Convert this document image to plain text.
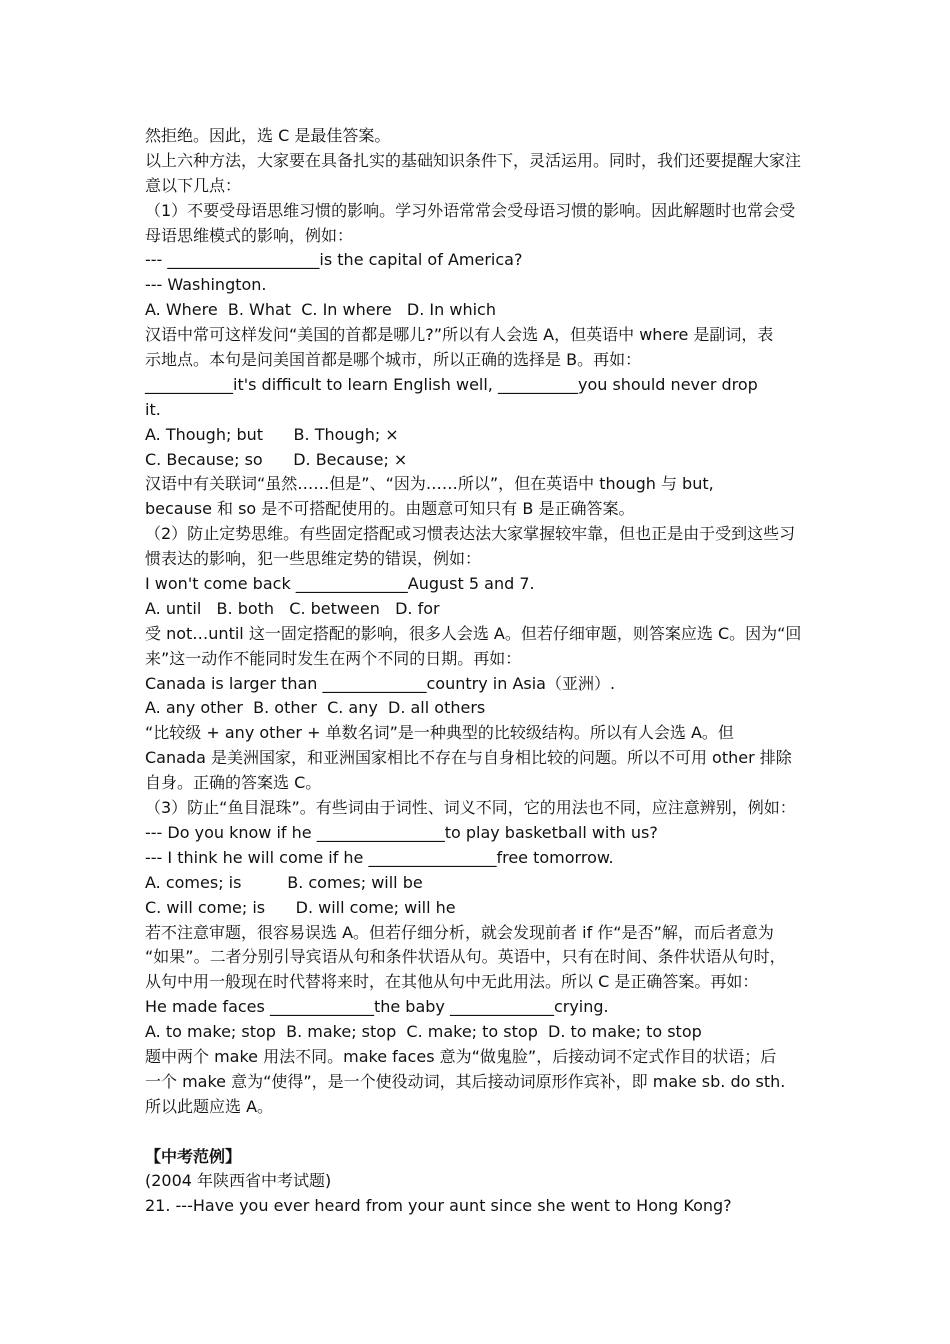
然拒绝。因此，选 C 是最佳答案。
以上六种方法，大家要在具备扎实的基础知识条件下，灵活运用。同时，我们还要提醒大家注
意以下几点：
（1）不要受母语思维习惯的影响。学习外语常常会受母语习惯的影响。因此解题时也常会受
母语思维模式的影响，例如：
--- ___________________is the capital of America?
--- Washington.
A. Where  B. What  C. In where   D. In which
汉语中常可这样发问“美国的首都是哪儿?”所以有人会选 A，但英语中 where 是副词，表
示地点。本句是问美国首都是哪个城市，所以正确的选择是 B。再如：
___________it's difficult to learn English well, __________you should never drop
it.
A. Though; but      B. Though; ×
C. Because; so      D. Because; ×
汉语中有关联词“虽然……但是”、“因为……所以”，但在英语中 though 与 but,
because 和 so 是不可搭配使用的。由题意可知只有 B 是正确答案。
（2）防止定势思维。有些固定搭配或习惯表达法大家掌握较牢靠，但也正是由于受到这些习
惯表达的影响，犯一些思维定势的错误，例如：
I won't come back ______________August 5 and 7.
A. until   B. both   C. between   D. for
受 not…until 这一固定搭配的影响，很多人会选 A。但若仔细审题，则答案应选 C。因为“回
来”这一动作不能同时发生在两个不同的日期。再如：
Canada is larger than _____________country in Asia（亚洲）.
A. any other  B. other  C. any  D. all others
“比较级 + any other + 单数名词”是一种典型的比较级结构。所以有人会选 A。但
Canada 是美洲国家，和亚洲国家相比不存在与自身相比较的问题。所以不可用 other 排除
自身。正确的答案选 C。
（3）防止“鱼目混珠”。有些词由于词性、词义不同，它的用法也不同，应注意辨别，例如：
--- Do you know if he ________________to play basketball with us?
--- I think he will come if he ________________free tomorrow.
A. comes; is         B. comes; will be
C. will come; is      D. will come; will he
若不注意审题，很容易误选 A。但若仔细分析，就会发现前者 if 作“是否”解，而后者意为
“如果”。二者分别引导宾语从句和条件状语从句。英语中，只有在时间、条件状语从句时，
从句中用一般现在时代替将来时，在其他从句中无此用法。所以 C 是正确答案。再如：
He made faces _____________the baby _____________crying.
A. to make; stop  B. make; stop  C. make; to stop  D. to make; to stop
题中两个 make 用法不同。make faces 意为“做鬼脸”，后接动词不定式作目的状语；后
一个 make 意为“使得”，是一个使役动词，其后接动词原形作宾补，即 make sb. do sth.
所以此题应选 A。
【中考范例】
(2004 年陕西省中考试题)
21. ---Have you ever heard from your aunt since she went to Hong Kong?
